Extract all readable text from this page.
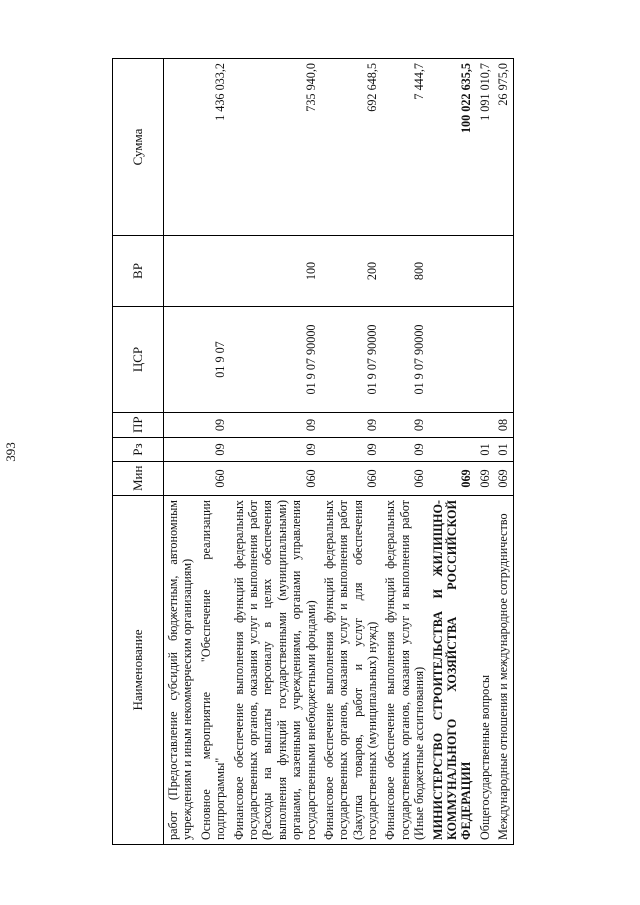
393
Наименование	Мин	Рз	ПР	ЦСР	ВР	Сумма
работ (Предоставление субсидий бюджетным, автономным учреждениям и иным некоммерческим организациям)						
Основное мероприятие "Обеспечение реализации подпрограммы"	060	09	09	01 9 07		1 436 033,2
Финансовое обеспечение выполнения функций федеральных государственных органов, оказания услуг и выполнения работ (Расходы на выплаты персоналу в целях обеспечения выполнения функций государственными (муниципальными) органами, казенными учреждениями, органами управления государственными внебюджетными фондами)	060	09	09	01 9 07 90000	100	735 940,0
Финансовое обеспечение выполнения функций федеральных государственных органов, оказания услуг и выполнения работ (Закупка товаров, работ и услуг для обеспечения государственных (муниципальных) нужд)	060	09	09	01 9 07 90000	200	692 648,5
Финансовое обеспечение выполнения функций федеральных государственных органов, оказания услуг и выполнения работ (Иные бюджетные ассигнования)	060	09	09	01 9 07 90000	800	7 444,7
МИНИСТЕРСТВО СТРОИТЕЛЬСТВА И ЖИЛИЩНО-КОММУНАЛЬНОГО ХОЗЯЙСТВА РОССИЙСКОЙ ФЕДЕРАЦИИ	069					100 022 635,5
Общегосударственные вопросы	069	01				1 091 010,7
Международные отношения и международное сотрудничество	069	01	08			26 975,0
